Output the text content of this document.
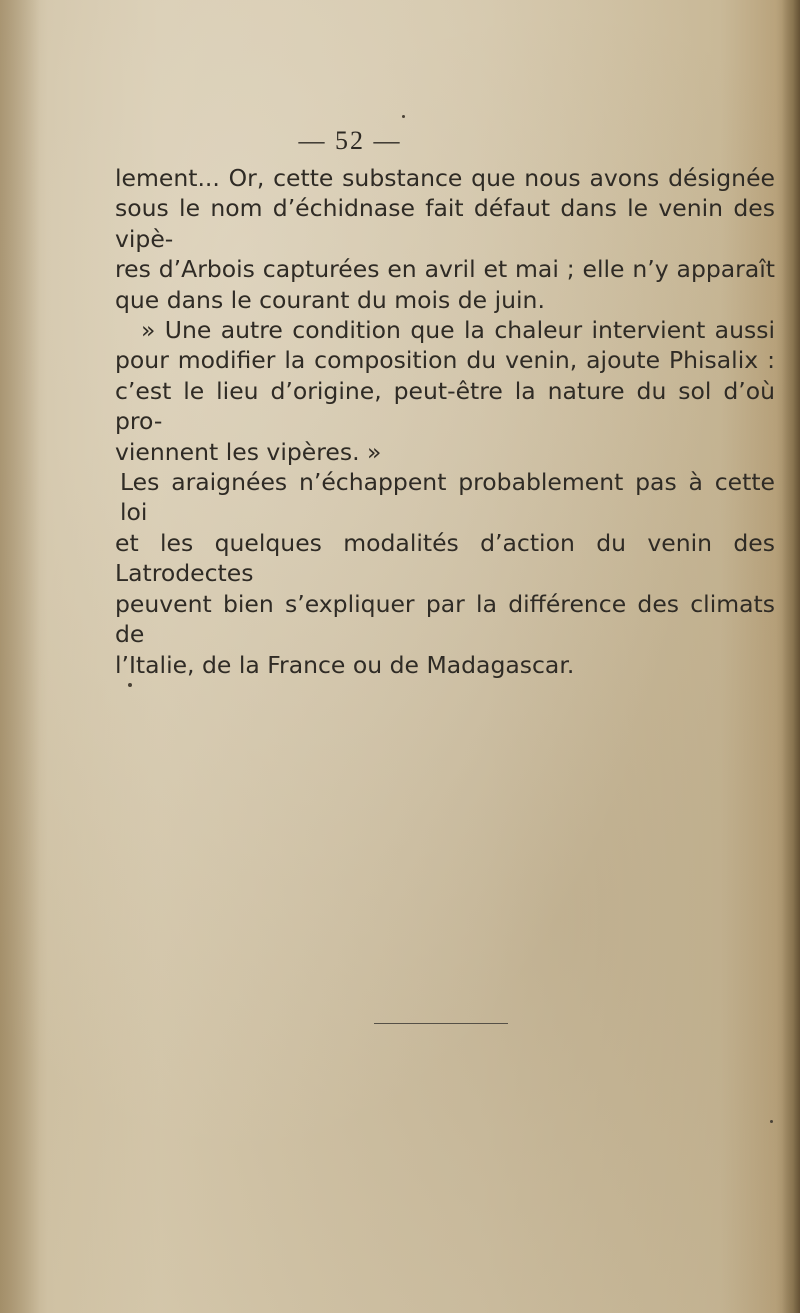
— 52 —

lement... Or, cette substance que nous avons désignée

sous le nom d’échidnase fait défaut dans le venin des vipè-

res d’Arbois capturées en avril et mai ; elle n’y apparaît

que dans le courant du mois de juin.

» Une autre condition que la chaleur intervient aussi

pour modifier la composition du venin, ajoute Phisalix :

c’est le lieu d’origine, peut-être la nature du sol d’où pro-

viennent les vipères. »

Les araignées n’échappent probablement pas à cette loi

et les quelques modalités d’action du venin des Latrodectes

peuvent bien s’expliquer par la différence des climats de

l’Italie, de la France ou de Madagascar.
